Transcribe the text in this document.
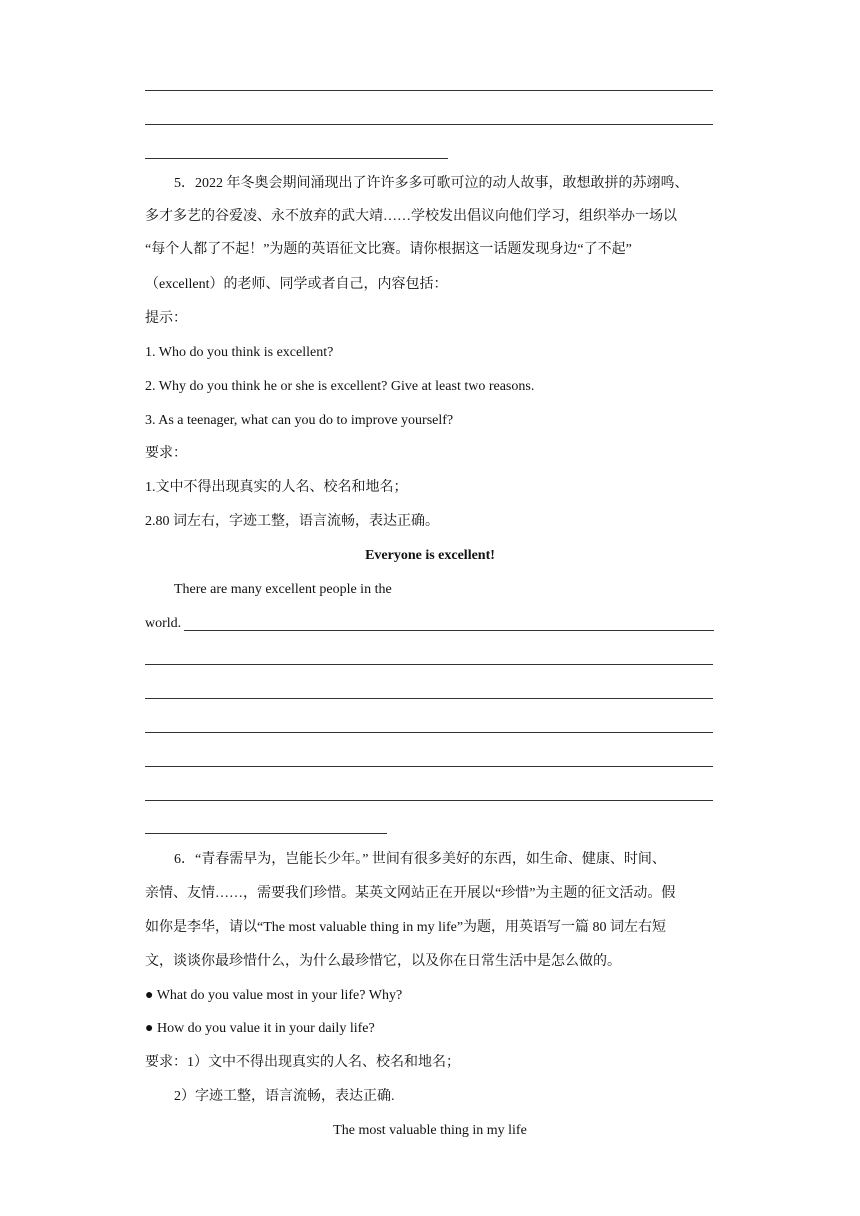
5．2022 年冬奥会期间涌现出了许许多多可歌可泣的动人故事，敢想敢拼的苏翊鸣、
多才多艺的谷爱凌、永不放弃的武大靖……学校发出倡议向他们学习，组织举办一场以
“每个人都了不起！”为题的英语征文比赛。请你根据这一话题发现身边“了不起”
（excellent）的老师、同学或者自己，内容包括：
提示：
1. Who do you think is excellent?
2. Why do you think he or she is excellent? Give at least two reasons.
3. As a teenager, what can you do to improve yourself?
要求：
1.文中不得出现真实的人名、校名和地名；
2.80 词左右，字迹工整，语言流畅，表达正确。
Everyone is excellent!
There are many excellent people in the
world.
6．“青春需早为，岂能长少年。” 世间有很多美好的东西，如生命、健康、时间、
亲情、友情……，需要我们珍惜。某英文网站正在开展以“珍惜”为主题的征文活动。假
如你是李华，请以“The most valuable thing in my life”为题，用英语写一篇 80 词左右短
文，谈谈你最珍惜什么，为什么最珍惜它，以及你在日常生活中是怎么做的。
● What do you value most in your life? Why?
● How do you value it in your daily life?
要求：1）文中不得出现真实的人名、校名和地名；
2）字迹工整，语言流畅，表达正确.
The most valuable thing in my life
